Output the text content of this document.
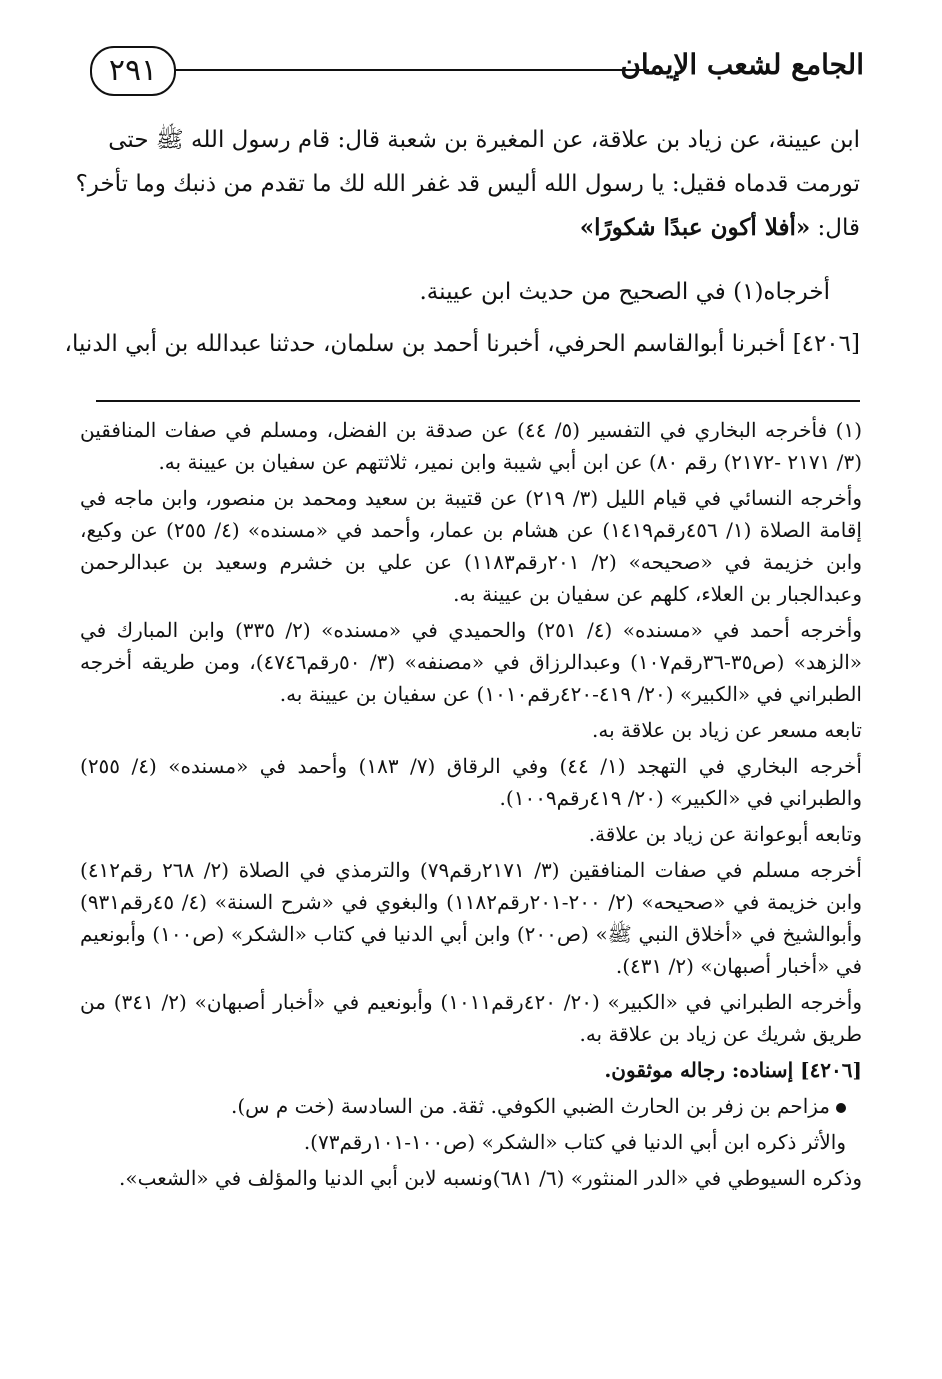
٢٩١	الجامع لشعب الإيمان
ابن عيينة، عن زياد بن علاقة، عن المغيرة بن شعبة قال: قام رسول الله ﷺ حتى
تورمت قدماه فقيل: يا رسول الله أليس قد غفر الله لك ما تقدم من ذنبك وما تأخر؟
قال: «أفلا أكون عبدًا شكورًا»
أخرجاه(١) في الصحيح من حديث ابن عيينة.
[٤٢٠٦] أخبرنا أبوالقاسم الحرفي، أخبرنا أحمد بن سلمان، حدثنا عبدالله بن أبي الدنيا،
(١) فأخرجه البخاري في التفسير (٥/ ٤٤) عن صدقة بن الفضل، ومسلم في صفات المنافقين (٣/ ٢١٧١ -٢١٧٢) رقم ٨٠) عن ابن أبي شيبة وابن نمير، ثلاثتهم عن سفيان بن عيينة به.
وأخرجه النسائي في قيام الليل (٣/ ٢١٩) عن قتيبة بن سعيد ومحمد بن منصور، وابن ماجه في إقامة الصلاة (١/ ٤٥٦رقم١٤١٩) عن هشام بن عمار، وأحمد في «مسنده» (٤/ ٢٥٥) عن وكيع، وابن خزيمة في «صحيحه» (٢/ ٢٠١رقم١١٨٣) عن علي بن خشرم وسعيد بن عبدالرحمن وعبدالجبار بن العلاء، كلهم عن سفيان بن عيينة به.
وأخرجه أحمد في «مسنده» (٤/ ٢٥١) والحميدي في «مسنده» (٢/ ٣٣٥) وابن المبارك في «الزهد» (ص٣٥-٣٦رقم١٠٧) وعبدالرزاق في «مصنفه» (٣/ ٥٠رقم٤٧٤٦)، ومن طريقه أخرجه الطبراني في «الكبير» (٢٠/ ٤١٩-٤٢٠رقم١٠١٠) عن سفيان بن عيينة به.
تابعه مسعر عن زياد بن علاقة به.
أخرجه البخاري في التهجد (١/ ٤٤) وفي الرقاق (٧/ ١٨٣) وأحمد في «مسنده» (٤/ ٢٥٥) والطبراني في «الكبير» (٢٠/ ٤١٩رقم١٠٠٩).
وتابعه أبوعوانة عن زياد بن علاقة.
أخرجه مسلم في صفات المنافقين (٣/ ٢١٧١رقم٧٩) والترمذي في الصلاة (٢/ ٢٦٨ رقم٤١٢) وابن خزيمة في «صحيحه» (٢/ ٢٠٠-٢٠١رقم١١٨٢) والبغوي في «شرح السنة» (٤/ ٤٥رقم٩٣١) وأبوالشيخ في «أخلاق النبي ﷺ» (ص٢٠٠) وابن أبي الدنيا في كتاب «الشكر» (ص١٠٠) وأبونعيم في «أخبار أصبهان» (٢/ ٤٣١).
وأخرجه الطبراني في «الكبير» (٢٠/ ٤٢٠رقم١٠١١) وأبونعيم في «أخبار أصبهان» (٢/ ٣٤١) من طريق شريك عن زياد بن علاقة به.
[٤٢٠٦] إسناده: رجاله موثقون.
مزاحم بن زفر بن الحارث الضبي الكوفي. ثقة. من السادسة (خت م س).
والأثر ذكره ابن أبي الدنيا في كتاب «الشكر» (ص١٠٠-١٠١رقم٧٣).
وذكره السيوطي في «الدر المنثور» (٦/ ٦٨١)ونسبه لابن أبي الدنيا والمؤلف في «الشعب».
